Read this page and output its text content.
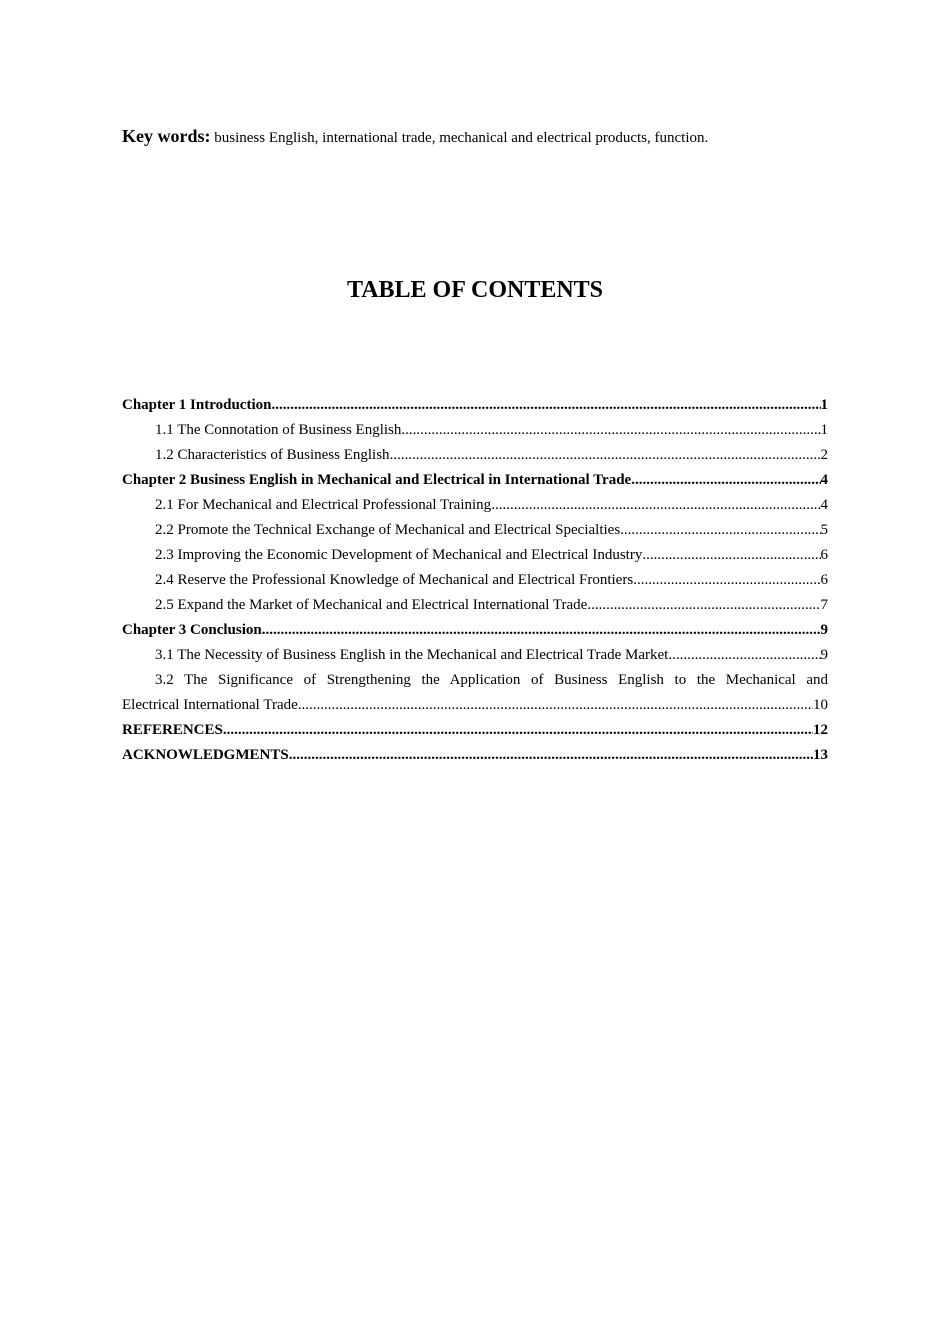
Key words: business English, international trade, mechanical and electrical products, function.
TABLE OF CONTENTS
Chapter 1 Introduction .....	1
1.1 The Connotation of Business English .....	1
1.2 Characteristics of Business English .....	2
Chapter 2 Business English in Mechanical and Electrical in International Trade .....	4
2.1 For Mechanical and Electrical Professional Training .....	4
2.2 Promote the Technical Exchange of Mechanical and Electrical Specialties .....	5
2.3 Improving the Economic Development of Mechanical and Electrical Industry .....	6
2.4 Reserve the Professional Knowledge of Mechanical and Electrical Frontiers .....	6
2.5 Expand the Market of Mechanical and Electrical International Trade .....	7
Chapter 3 Conclusion .....	9
3.1 The Necessity of Business English in the Mechanical and Electrical Trade Market .....	9
3.2 The Significance of Strengthening the Application of Business English to the Mechanical and
Electrical International Trade .....	10
REFERENCES .....	12
ACKNOWLEDGMENTS .....	13
